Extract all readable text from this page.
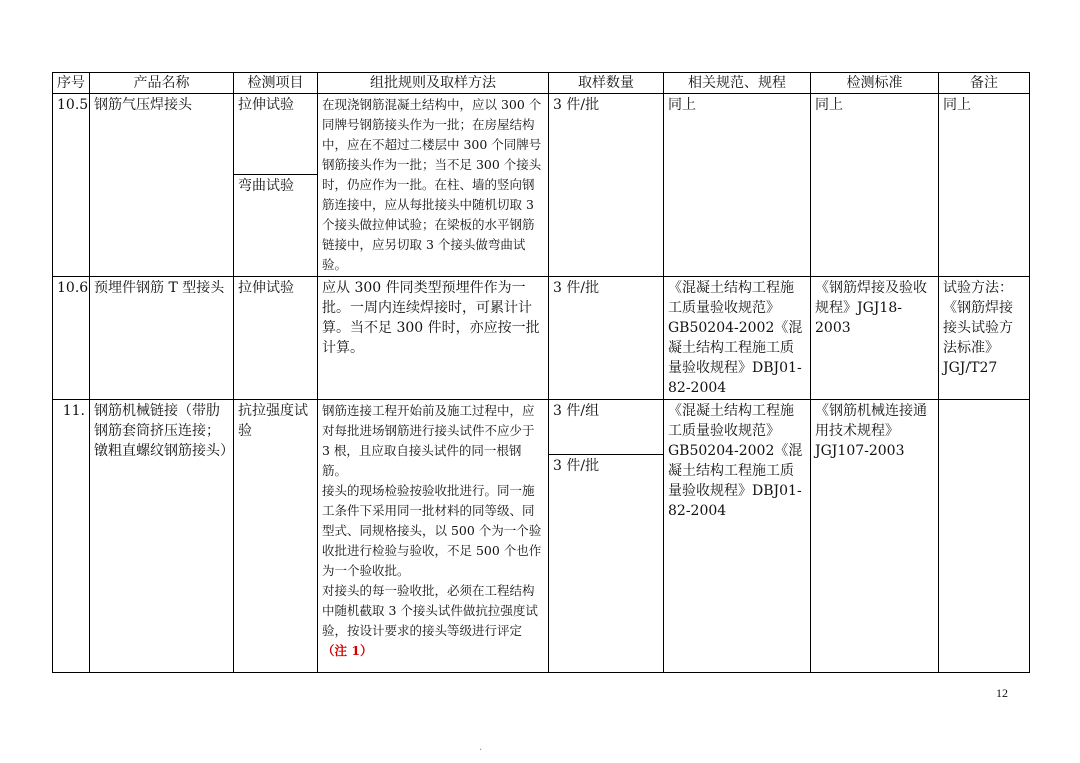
序号	产品名称	检测项目	组批规则及取样方法	取样数量	相关规范、规程	检测标准	备注
10.5	钢筋气压焊接头	拉伸试验	在现浇钢筋混凝土结构中，应以 300 个同牌号钢筋接头作为一批；在房屋结构中，应在不超过二楼层中 300 个同牌号钢筋接头作为一批；当不足 300 个接头时，仍应作为一批。在柱、墙的竖向钢筋连接中，应从每批接头中随机切取 3 个接头做拉伸试验；在梁板的水平钢筋链接中，应另切取 3 个接头做弯曲试验。	3 件/批	同上	同上	同上
		弯曲试验					
10.6	预埋件钢筋 T 型接头	拉伸试验	应从 300 件同类型预埋件作为一批。一周内连续焊接时，可累计计算。当不足 300 件时，亦应按一批计算。	3 件/批	《混凝土结构工程施工质量验收规范》GB50204-2002《混凝土结构工程施工质量验收规程》DBJ01-82-2004	《钢筋焊接及验收规程》JGJ18-2003	试验方法：《钢筋焊接接头试验方法标准》JGJ/T27
11.	钢筋机械链接（带肋钢筋套筒挤压连接；镦粗直螺纹钢筋接头）	抗拉强度试验	钢筋连接工程开始前及施工过程中，应对每批进场钢筋进行接头试件不应少于 3 根，且应取自接头试件的同一根钢筋。
接头的现场检验按验收批进行。同一施工条件下采用同一批材料的同等级、同型式、同规格接头，以 500 个为一个验收批进行检验与验收，不足 500 个也作为一个验收批。
对接头的每一验收批，必须在工程结构中随机截取 3 个接头试件做抗拉强度试验，按设计要求的接头等级进行评定（注 1）	3 件/组	《混凝土结构工程施工质量验收规范》GB50204-2002《混凝土结构工程施工质量验收规程》DBJ01-82-2004	《钢筋机械连接通用技术规程》JGJ107-2003	
				3 件/批			
12
.
